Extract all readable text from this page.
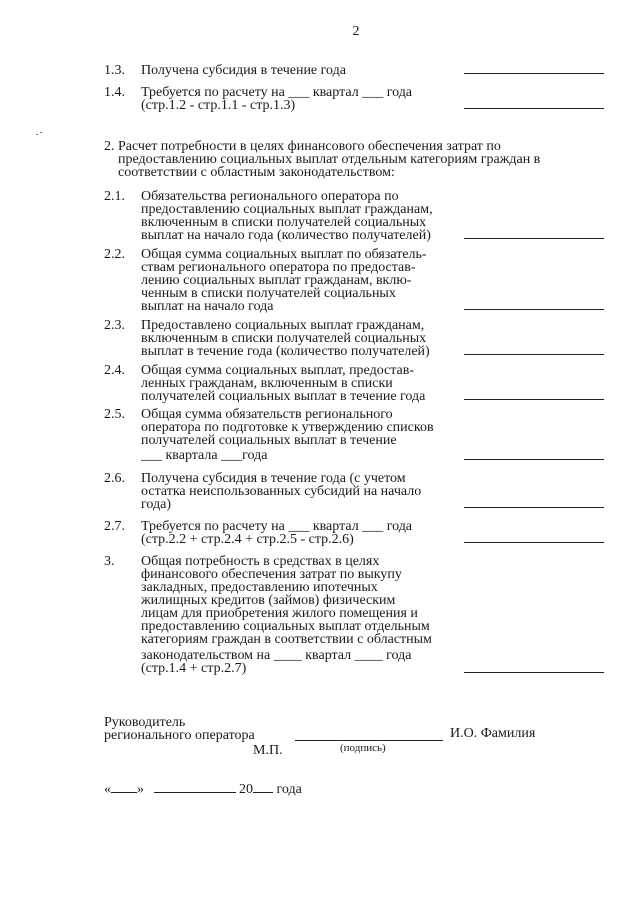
2
1.3.	Получена субсидия в течение года
1.4.	Требуется по расчету на ___ квартал ___ года
(стр.1.2 - стр.1.1 - стр.1.3)
2. Расчет потребности в целях финансового обеспечения затрат по
предоставлению социальных выплат отдельным категориям граждан в
соответствии с областным законодательством:
2.1.	Обязательства регионального оператора по
предоставлению социальных выплат гражданам,
включенным в списки получателей социальных
выплат на начало года (количество получателей)
2.2.	Общая сумма социальных выплат по обязатель-
ствам регионального оператора по предостав-
лению социальных выплат гражданам, вклю-
ченным в списки получателей социальных
выплат на начало года
2.3.	Предоставлено социальных выплат гражданам,
включенным в списки получателей социальных
выплат в течение года (количество получателей)
2.4.	Общая сумма социальных выплат, предостав-
ленных гражданам, включенным в списки
получателей социальных выплат в течение года
2.5.	Общая сумма обязательств регионального
оператора по подготовке к утверждению списков
получателей социальных выплат в течение
___ квартала ___года
2.6.	Получена субсидия в течение года (с учетом
остатка неиспользованных субсидий на начало
года)
2.7.	Требуется по расчету на ___ квартал ___ года
(стр.2.2 + стр.2.4 + стр.2.5 - стр.2.6)
3.	Общая потребность в средствах в целях
финансового обеспечения затрат по выкупу
закладных, предоставлению ипотечных
жилищных кредитов (займов) физическим
лицам для приобретения жилого помещения и
предоставлению социальных выплат отдельным
категориям граждан в соответствии с областным
законодательством на ____ квартал ____ года
(стр.1.4 + стр.2.7)
Руководитель
регионального оператора	И.О. Фамилия
М.П.	(подпись)
« »	20 года
